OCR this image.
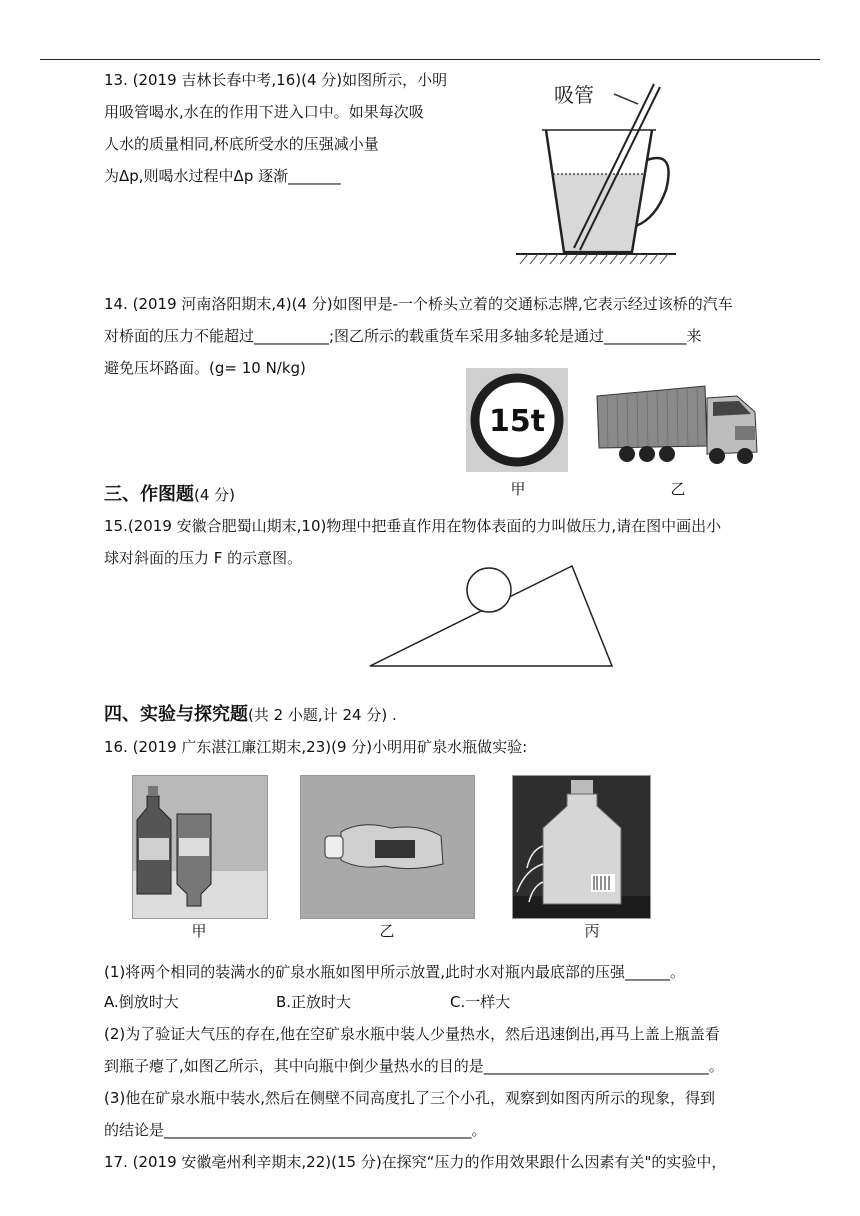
13. (2019 吉林长春中考,16)(4 分)如图所示，小明
用吸管喝水,水在的作用下进入口中。如果每次吸
人水的质量相同,杯底所受水的压强减小量
为Δp,则喝水过程中Δp 逐渐_______
吸管
14. (2019 河南洛阳期末,4)(4 分)如图甲是-一个桥头立着的交通标志牌,它表示经过该桥的汽车
对桥面的压力不能超过__________;图乙所示的载重货车采用多轴多轮是通过___________来
避免压坏路面。(g= 10 N/kg)
15t
甲	乙
三、作图题(4 分)
15.(2019 安徽合肥蜀山期末,10)物理中把垂直作用在物体表面的力叫做压力,请在图中画出小
球对斜面的压力 F 的示意图。
四、实验与探究题(共 2 小题,计 24 分) .
16. (2019 广东湛江廉江期末,23)(9 分)小明用矿泉水瓶做实验:
甲	乙	丙
(1)将两个相同的装满水的矿泉水瓶如图甲所示放置,此时水对瓶内最底部的压强______。
A.倒放时大	B.正放时大	C.一样大
(2)为了验证大气压的存在,他在空矿泉水瓶中装人少量热水，然后迅速倒出,再马上盖上瓶盖看
到瓶子瘪了,如图乙所示，其中向瓶中倒少量热水的目的是______________________________。
(3)他在矿泉水瓶中装水,然后在侧壁不同高度扎了三个小孔，观察到如图丙所示的现象，得到
的结论是_________________________________________。
17. (2019 安徽亳州利辛期末,22)(15 分)在探究“压力的作用效果跟什么因素有关"的实验中，
